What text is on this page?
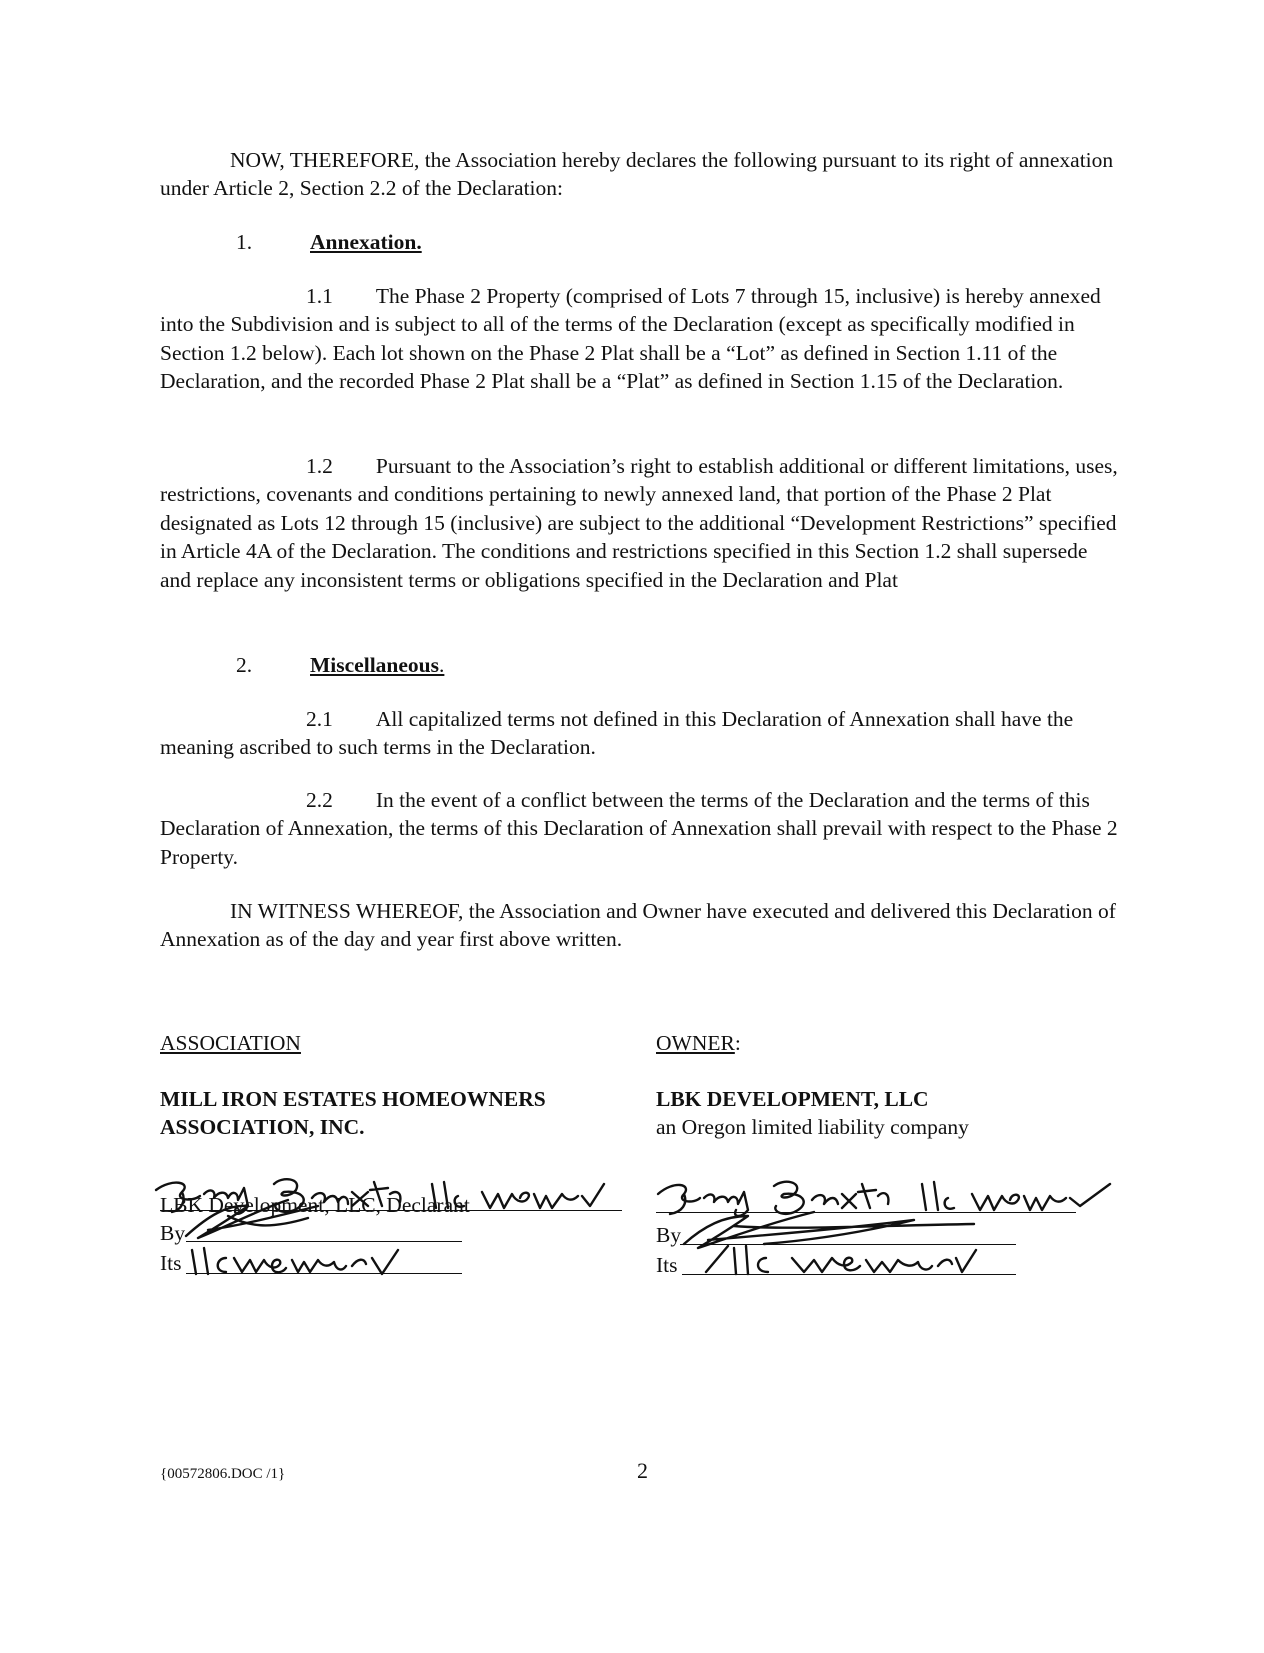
NOW, THEREFORE, the Association hereby declares the following pursuant to its right of annexation under Article 2, Section 2.2 of the Declaration:

1.	Annexation.

1.1  The Phase 2 Property (comprised of Lots 7 through 15, inclusive) is hereby annexed into the Subdivision and is subject to all of the terms of the Declaration (except as specifically modified in Section 1.2 below). Each lot shown on the Phase 2 Plat shall be a “Lot” as defined in Section 1.11 of the Declaration, and the recorded Phase 2 Plat shall be a “Plat” as defined in Section 1.15 of the Declaration.

1.2  Pursuant to the Association’s right to establish additional or different limitations, uses, restrictions, covenants and conditions pertaining to newly annexed land, that portion of the Phase 2 Plat designated as Lots 12 through 15 (inclusive) are subject to the additional “Development Restrictions” specified in Article 4A of the Declaration. The conditions and restrictions specified in this Section 1.2 shall supersede and replace any inconsistent terms or obligations specified in the Declaration and Plat

2.	Miscellaneous.

2.1  All capitalized terms not defined in this Declaration of Annexation shall have the meaning ascribed to such terms in the Declaration.

2.2  In the event of a conflict between the terms of the Declaration and the terms of this Declaration of Annexation, the terms of this Declaration of Annexation shall prevail with respect to the Phase 2 Property.

IN WITNESS WHEREOF, the Association and Owner have executed and delivered this Declaration of Annexation as of the day and year first above written.

ASSOCIATION
MILL IRON ESTATES HOMEOWNERS
ASSOCIATION, INC.
LBK Development, LLC, Declarant
By
Its
OWNER:
LBK DEVELOPMENT, LLC
an Oregon limited liability company
By
Its
{00572806.DOC /1}	2
